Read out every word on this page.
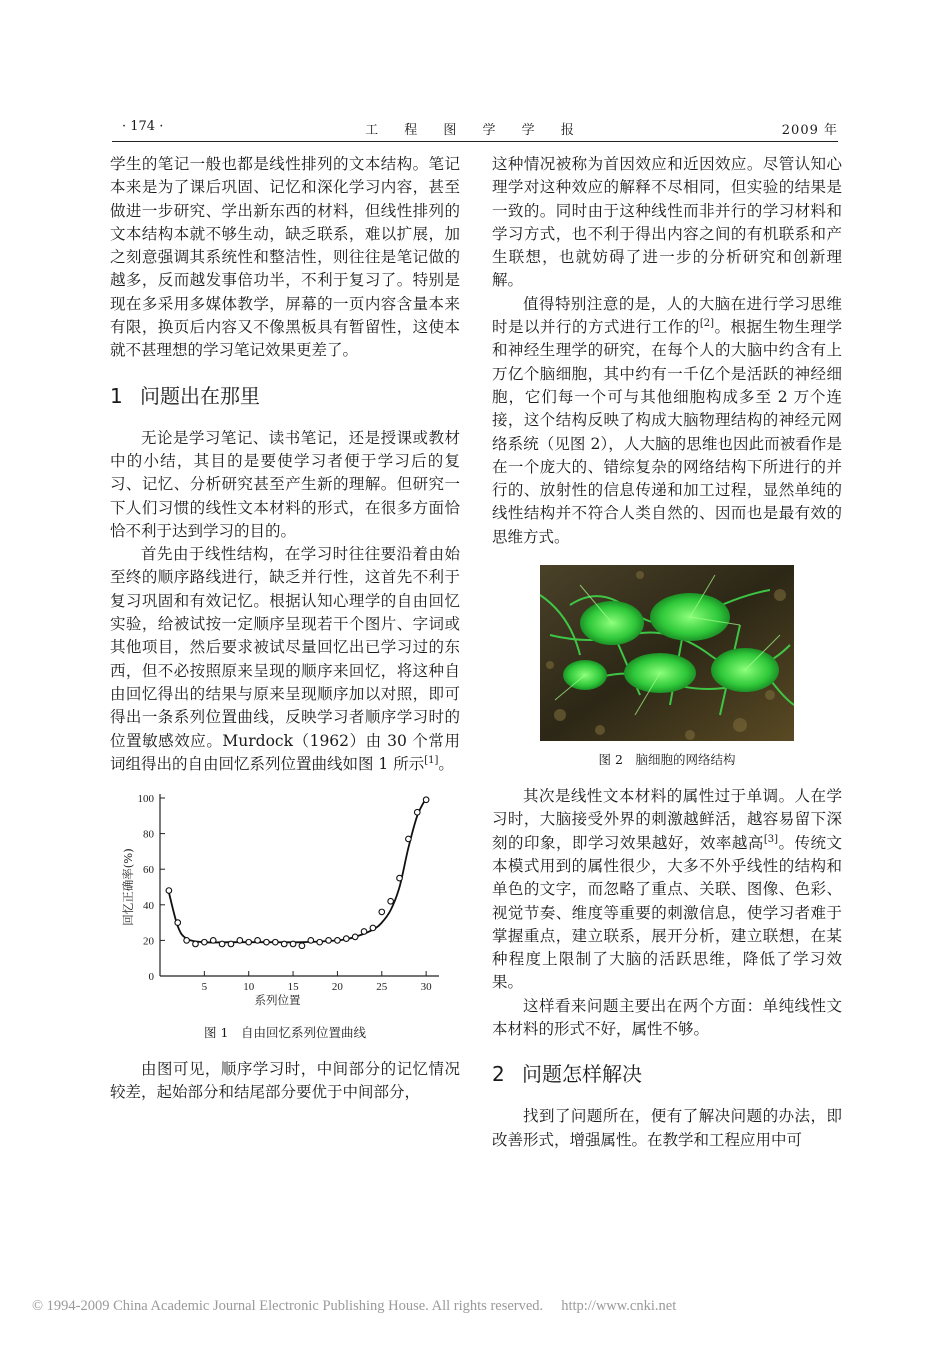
· 174 ·	工 程 图 学 学 报	2009 年

学生的笔记一般也都是线性排列的文本结构。笔记本来是为了课后巩固、记忆和深化学习内容，甚至做进一步研究、学出新东西的材料，但线性排列的文本结构本就不够生动，缺乏联系，难以扩展，加之刻意强调其系统性和整洁性，则往往是笔记做的越多，反而越发事倍功半，不利于复习了。特别是现在多采用多媒体教学，屏幕的一页内容含量本来有限，换页后内容又不像黑板具有暂留性，这使本就不甚理想的学习笔记效果更差了。

1 问题出在那里

无论是学习笔记、读书笔记，还是授课或教材中的小结，其目的是要使学习者便于学习后的复习、记忆、分析研究甚至产生新的理解。但研究一下人们习惯的线性文本材料的形式，在很多方面恰恰不利于达到学习的目的。

首先由于线性结构，在学习时往往要沿着由始至终的顺序路线进行，缺乏并行性，这首先不利于复习巩固和有效记忆。根据认知心理学的自由回忆实验，给被试按一定顺序呈现若干个图片、字词或其他项目，然后要求被试尽量回忆出已学习过的东西，但不必按照原来呈现的顺序来回忆，将这种自由回忆得出的结果与原来呈现顺序加以对照，即可得出一条系列位置曲线，反映学习者顺序学习时的位置敏感效应。Murdock（1962）由 30 个常用词组得出的自由回忆系列位置曲线如图 1 所示[1]。

0
20
40
60
80
100
5	10	15	20	25	30
系列位置
回忆正确率(%)
图 1　自由回忆系列位置曲线

由图可见，顺序学习时，中间部分的记忆情况较差，起始部分和结尾部分要优于中间部分，

这种情况被称为首因效应和近因效应。尽管认知心理学对这种效应的解释不尽相同，但实验的结果是一致的。同时由于这种线性而非并行的学习材料和学习方式，也不利于得出内容之间的有机联系和产生联想，也就妨碍了进一步的分析研究和创新理解。

值得特别注意的是，人的大脑在进行学习思维时是以并行的方式进行工作的[2]。根据生物生理学和神经生理学的研究，在每个人的大脑中约含有上万亿个脑细胞，其中约有一千亿个是活跃的神经细胞，它们每一个可与其他细胞构成多至 2 万个连接，这个结构反映了构成大脑物理结构的神经元网络系统（见图 2），人大脑的思维也因此而被看作是在一个庞大的、错综复杂的网络结构下所进行的并行的、放射性的信息传递和加工过程，显然单纯的线性结构并不符合人类自然的、因而也是最有效的思维方式。

图 2　脑细胞的网络结构

其次是线性文本材料的属性过于单调。人在学习时，大脑接受外界的刺激越鲜活，越容易留下深刻的印象，即学习效果越好，效率越高[3]。传统文本模式用到的属性很少，大多不外乎线性的结构和单色的文字，而忽略了重点、关联、图像、色彩、视觉节奏、维度等重要的刺激信息，使学习者难于掌握重点，建立联系，展开分析，建立联想，在某种程度上限制了大脑的活跃思维，降低了学习效果。

这样看来问题主要出在两个方面：单纯线性文本材料的形式不好，属性不够。

2 问题怎样解决

找到了问题所在，便有了解决问题的办法，即改善形式，增强属性。在教学和工程应用中可

© 1994-2009 China Academic Journal Electronic Publishing House. All rights reserved. http://www.cnki.net
